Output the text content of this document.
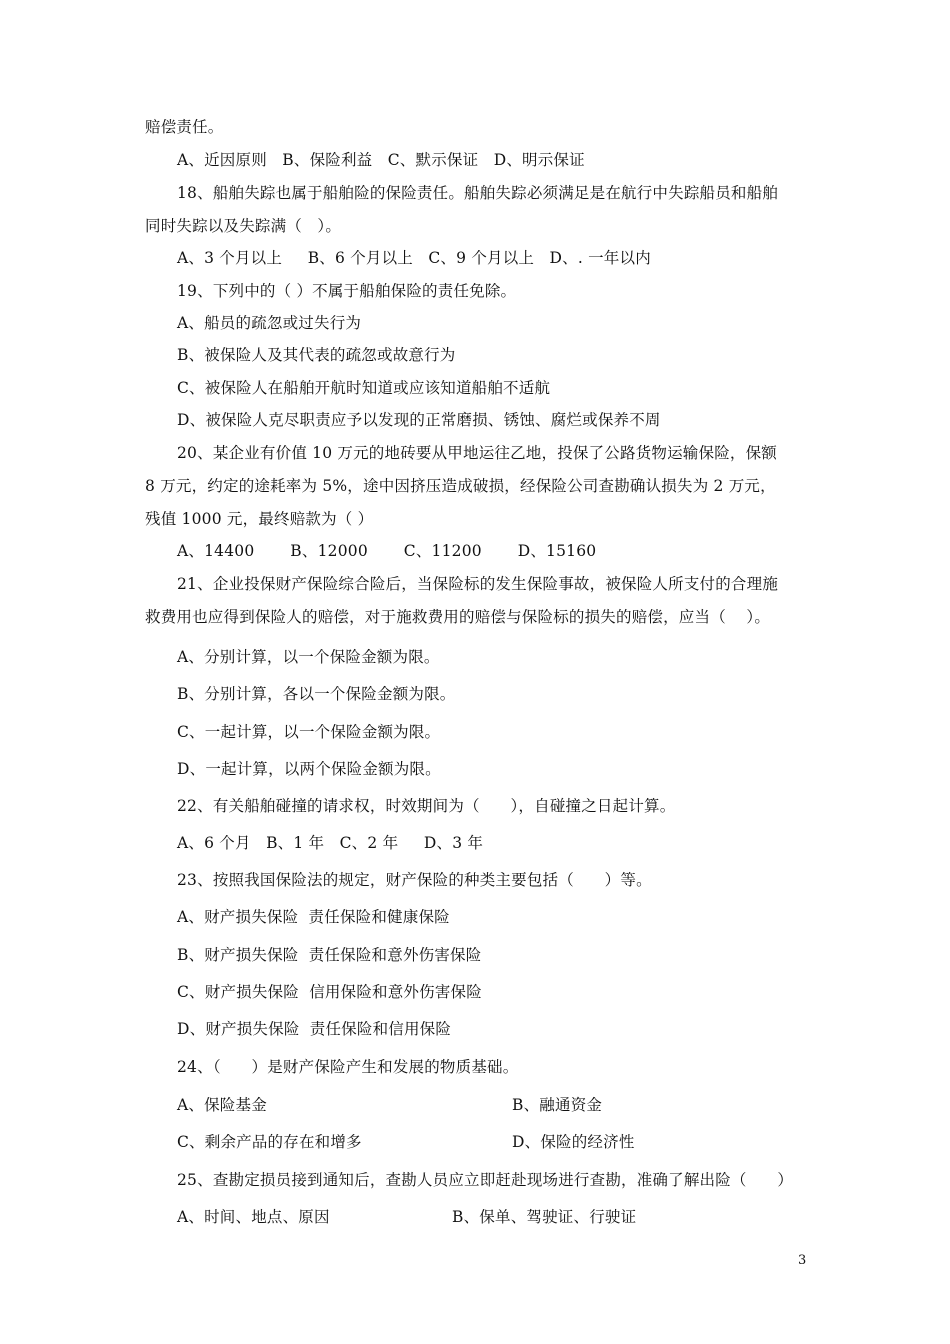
赔偿责任。
A、近因原则   B、保险利益   C、默示保证   D、明示保证
18、船舶失踪也属于船舶险的保险责任。船舶失踪必须满足是在航行中失踪船员和船舶
同时失踪以及失踪满（   ）。
A、3 个月以上     B、6 个月以上   C、9 个月以上   D、. 一年以内
19、下列中的（ ）不属于船舶保险的责任免除。
A、船员的疏忽或过失行为
B、被保险人及其代表的疏忽或故意行为
C、被保险人在船舶开航时知道或应该知道船舶不适航
D、被保险人克尽职责应予以发现的正常磨损、锈蚀、腐烂或保养不周
20、某企业有价值 10 万元的地砖要从甲地运往乙地，投保了公路货物运输保险，保额
8 万元，约定的途耗率为 5%，途中因挤压造成破损，经保险公司查勘确认损失为 2 万元，
残值 1000 元，最终赔款为（ ）
A、14400       B、12000       C、11200       D、15160
21、企业投保财产保险综合险后，当保险标的发生保险事故，被保险人所支付的合理施
救费用也应得到保险人的赔偿，对于施救费用的赔偿与保险标的损失的赔偿，应当（    ）。
A、分别计算，以一个保险金额为限。
B、分别计算，各以一个保险金额为限。
C、一起计算，以一个保险金额为限。
D、一起计算，以两个保险金额为限。
22、有关船舶碰撞的请求权，时效期间为（      ），自碰撞之日起计算。
A、6 个月   B、1 年   C、2 年     D、3 年
23、按照我国保险法的规定，财产保险的种类主要包括（      ）等。
A、财产损失保险  责任保险和健康保险
B、财产损失保险  责任保险和意外伤害保险
C、财产损失保险  信用保险和意外伤害保险
D、财产损失保险  责任保险和信用保险
24、（      ）是财产保险产生和发展的物质基础。
A、保险基金	B、融通资金
C、剩余产品的存在和增多	D、保险的经济性
25、查勘定损员接到通知后，查勘人员应立即赶赴现场进行查勘，准确了解出险（      ）
A、时间、地点、原因	B、保单、驾驶证、行驶证
3
